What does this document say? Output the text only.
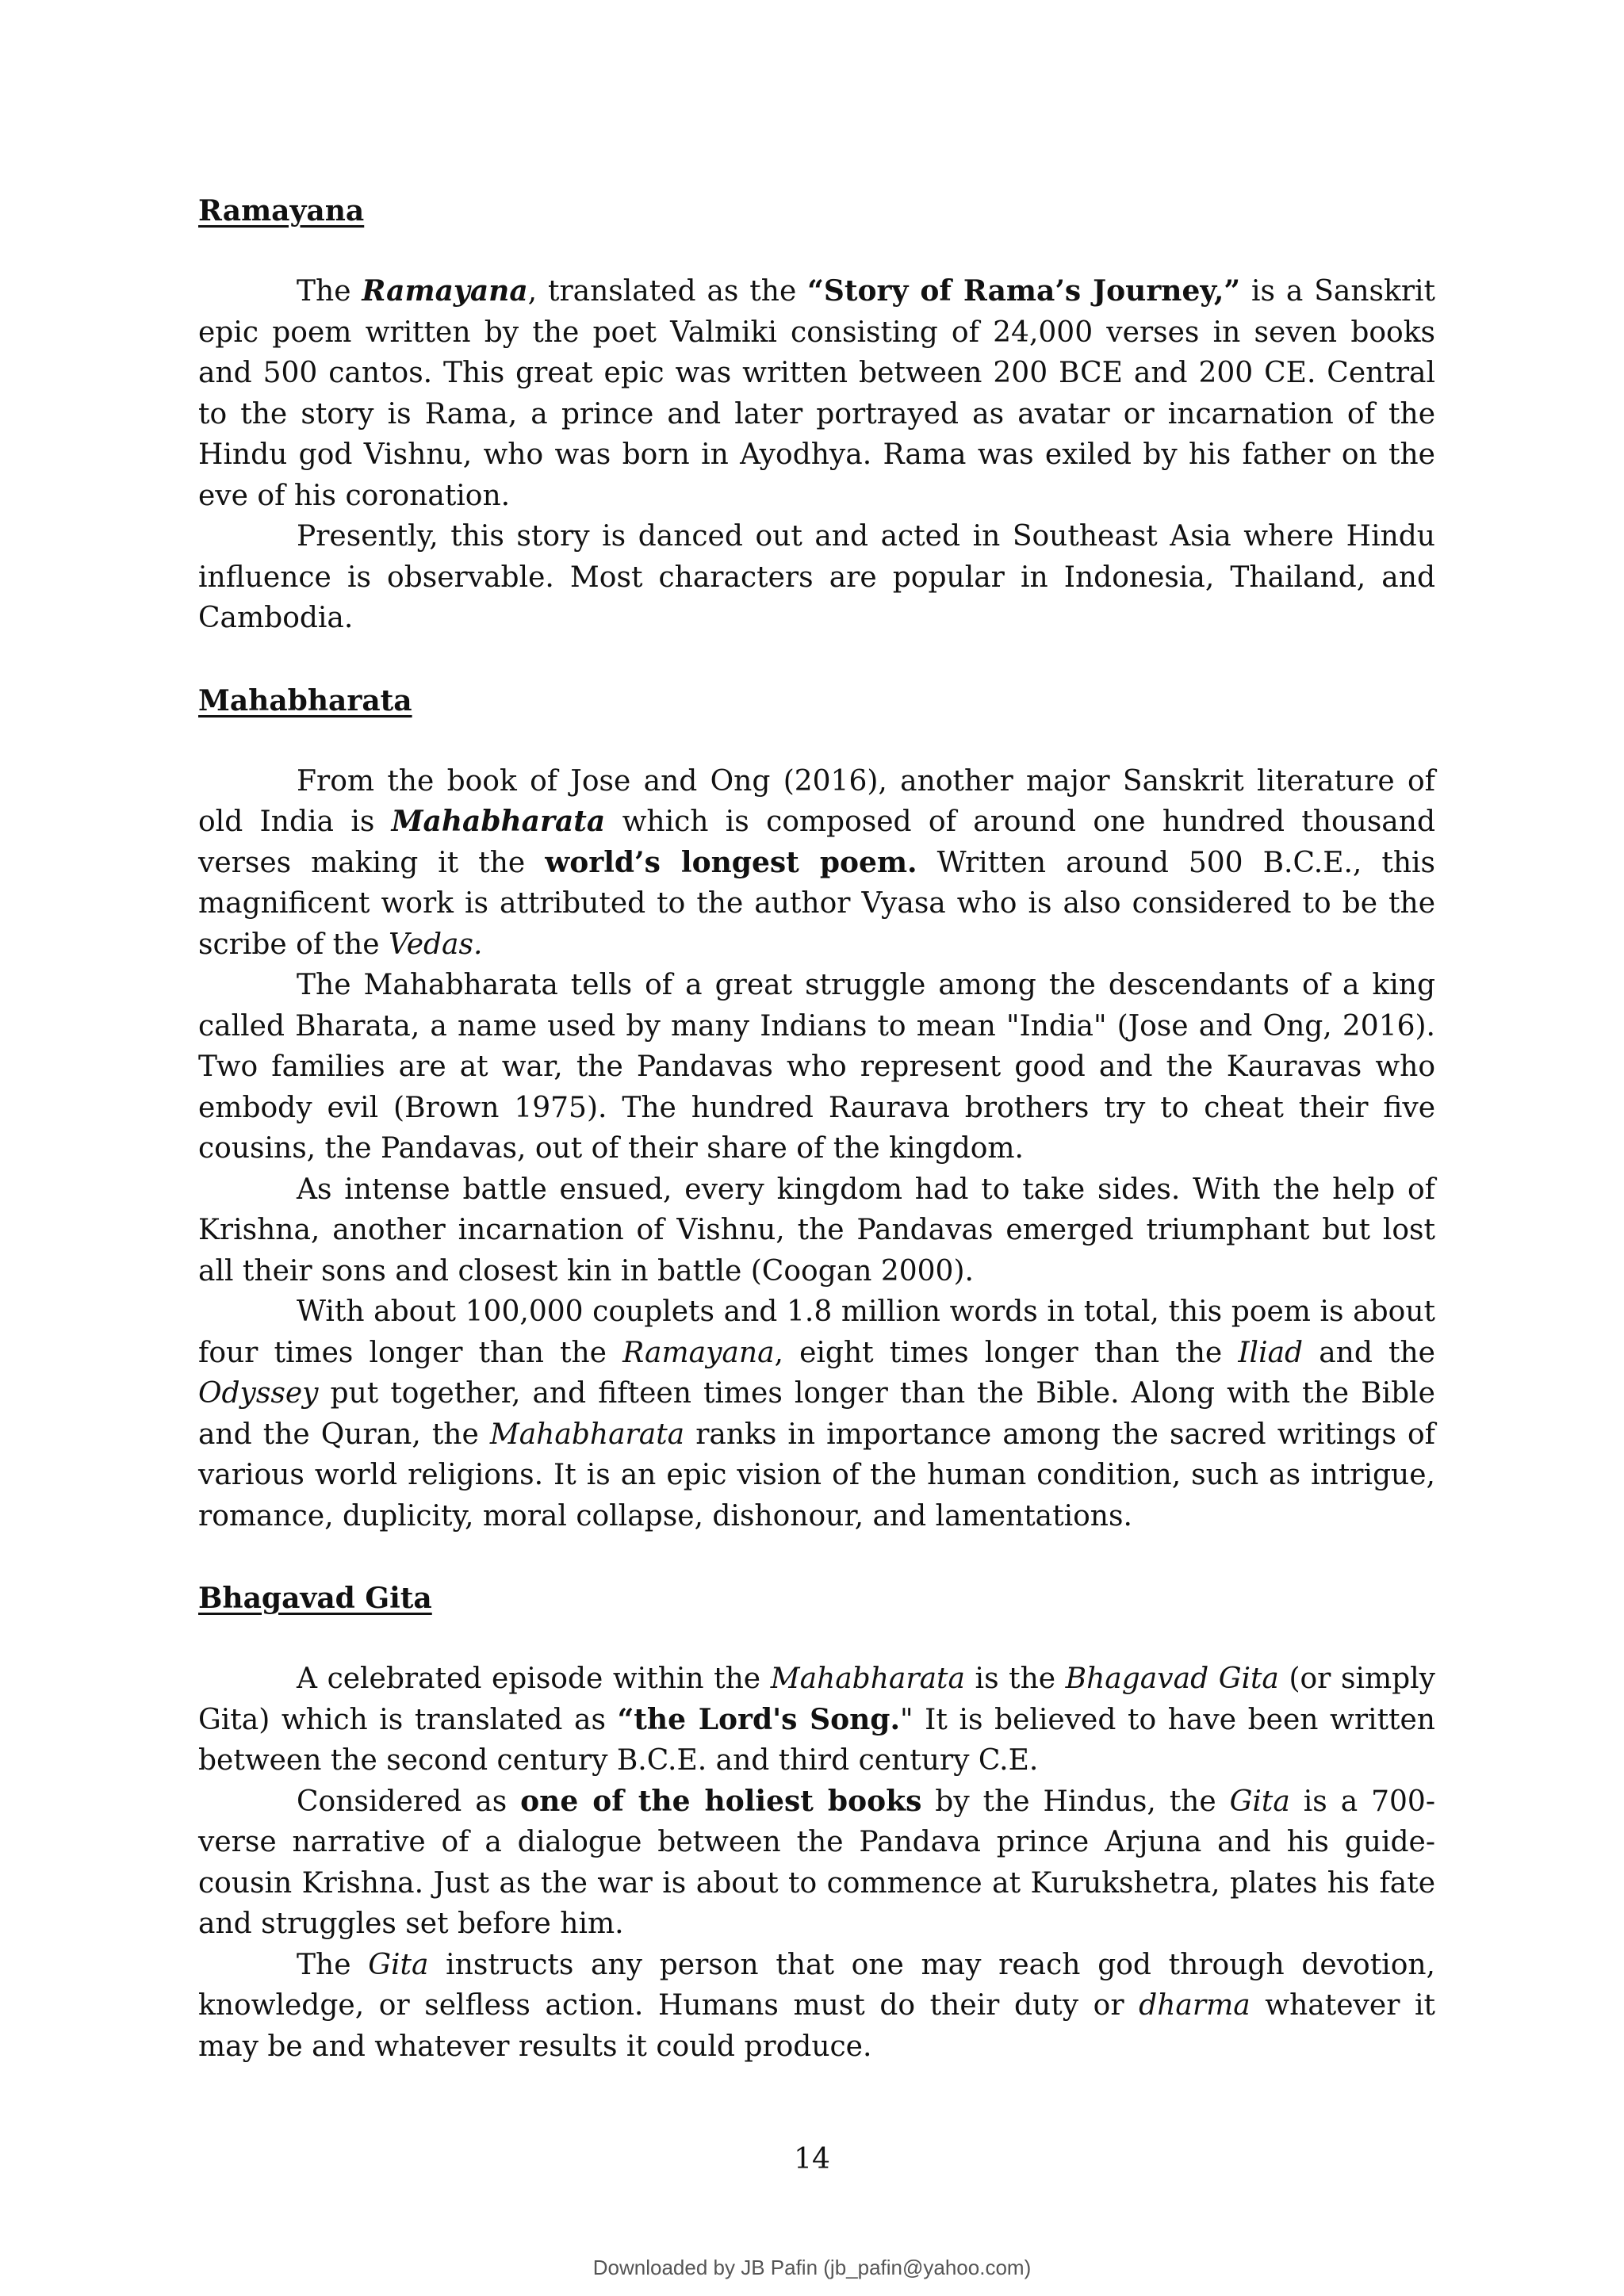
Ramayana

The Ramayana, translated as the “Story of Rama’s Journey,” is a Sanskrit epic poem written by the poet Valmiki consisting of 24,000 verses in seven books and 500 cantos. This great epic was written between 200 BCE and 200 CE. Central to the story is Rama, a prince and later portrayed as avatar or incarnation of the Hindu god Vishnu, who was born in Ayodhya. Rama was exiled by his father on the eve of his coronation.

Presently, this story is danced out and acted in Southeast Asia where Hindu influence is observable. Most characters are popular in Indonesia, Thailand, and Cambodia.

Mahabharata

From the book of Jose and Ong (2016), another major Sanskrit literature of old India is Mahabharata which is composed of around one hundred thousand verses making it the world’s longest poem. Written around 500 B.C.E., this magnificent work is attributed to the author Vyasa who is also considered to be the scribe of the Vedas.

The Mahabharata tells of a great struggle among the descendants of a king called Bharata, a name used by many Indians to mean "India" (Jose and Ong, 2016). Two families are at war, the Pandavas who represent good and the Kauravas who embody evil (Brown 1975). The hundred Raurava brothers try to cheat their five cousins, the Pandavas, out of their share of the kingdom.

As intense battle ensued, every kingdom had to take sides. With the help of Krishna, another incarnation of Vishnu, the Pandavas emerged triumphant but lost all their sons and closest kin in battle (Coogan 2000).

With about 100,000 couplets and 1.8 million words in total, this poem is about four times longer than the Ramayana, eight times longer than the Iliad and the Odyssey put together, and fifteen times longer than the Bible. Along with the Bible and the Quran, the Mahabharata ranks in importance among the sacred writings of various world religions. It is an epic vision of the human condition, such as intrigue, romance, duplicity, moral collapse, dishonour, and lamentations.

Bhagavad Gita

A celebrated episode within the Mahabharata is the Bhagavad Gita (or simply Gita) which is translated as “the Lord's Song." It is believed to have been written between the second century B.C.E. and third century C.E.

Considered as one of the holiest books by the Hindus, the Gita is a 700-verse narrative of a dialogue between the Pandava prince Arjuna and his guide-cousin Krishna. Just as the war is about to commence at Kurukshetra, plates his fate and struggles set before him.

The Gita instructs any person that one may reach god through devotion, knowledge, or selfless action. Humans must do their duty or dharma whatever it may be and whatever results it could produce.

14
Downloaded by JB Pafin (jb_pafin@yahoo.com)
